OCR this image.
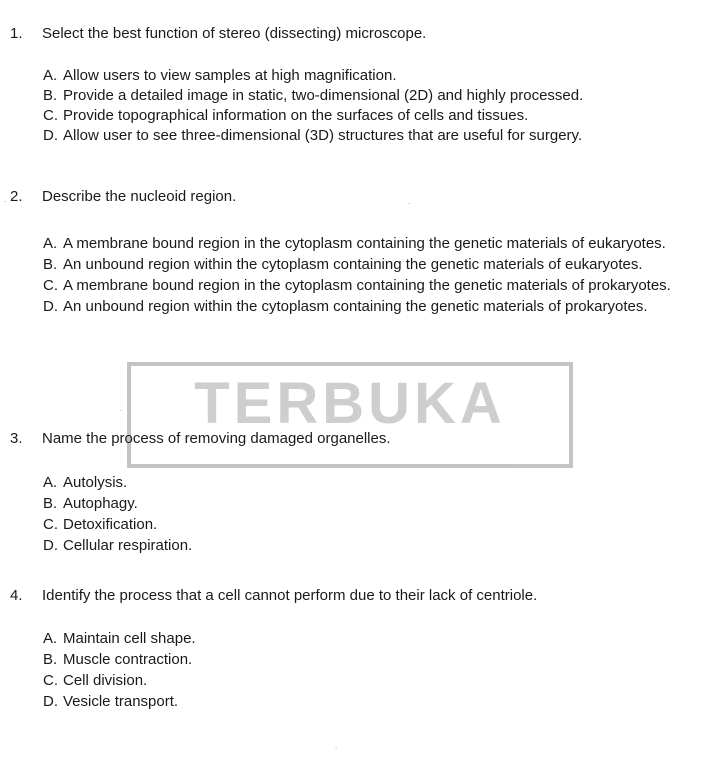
TERBUKA
1.	Select the best function of stereo (dissecting) microscope.
A. Allow users to view samples at high magnification.
B. Provide a detailed image in static, two-dimensional (2D) and highly processed.
C. Provide topographical information on the surfaces of cells and tissues.
D. Allow user to see three-dimensional (3D) structures that are useful for surgery.
2.	Describe the nucleoid region.
A. A membrane bound region in the cytoplasm containing the genetic materials of eukaryotes.
B. An unbound region within the cytoplasm containing the genetic materials of eukaryotes.
C. A membrane bound region in the cytoplasm containing the genetic materials of prokaryotes.
D. An unbound region within the cytoplasm containing the genetic materials of prokaryotes.
3.	Name the process of removing damaged organelles.
A. Autolysis.
B. Autophagy.
C. Detoxification.
D. Cellular respiration.
4.	Identify the process that a cell cannot perform due to their lack of centriole.
A. Maintain cell shape.
B. Muscle contraction.
C. Cell division.
D. Vesicle transport.
.	.
.
.
